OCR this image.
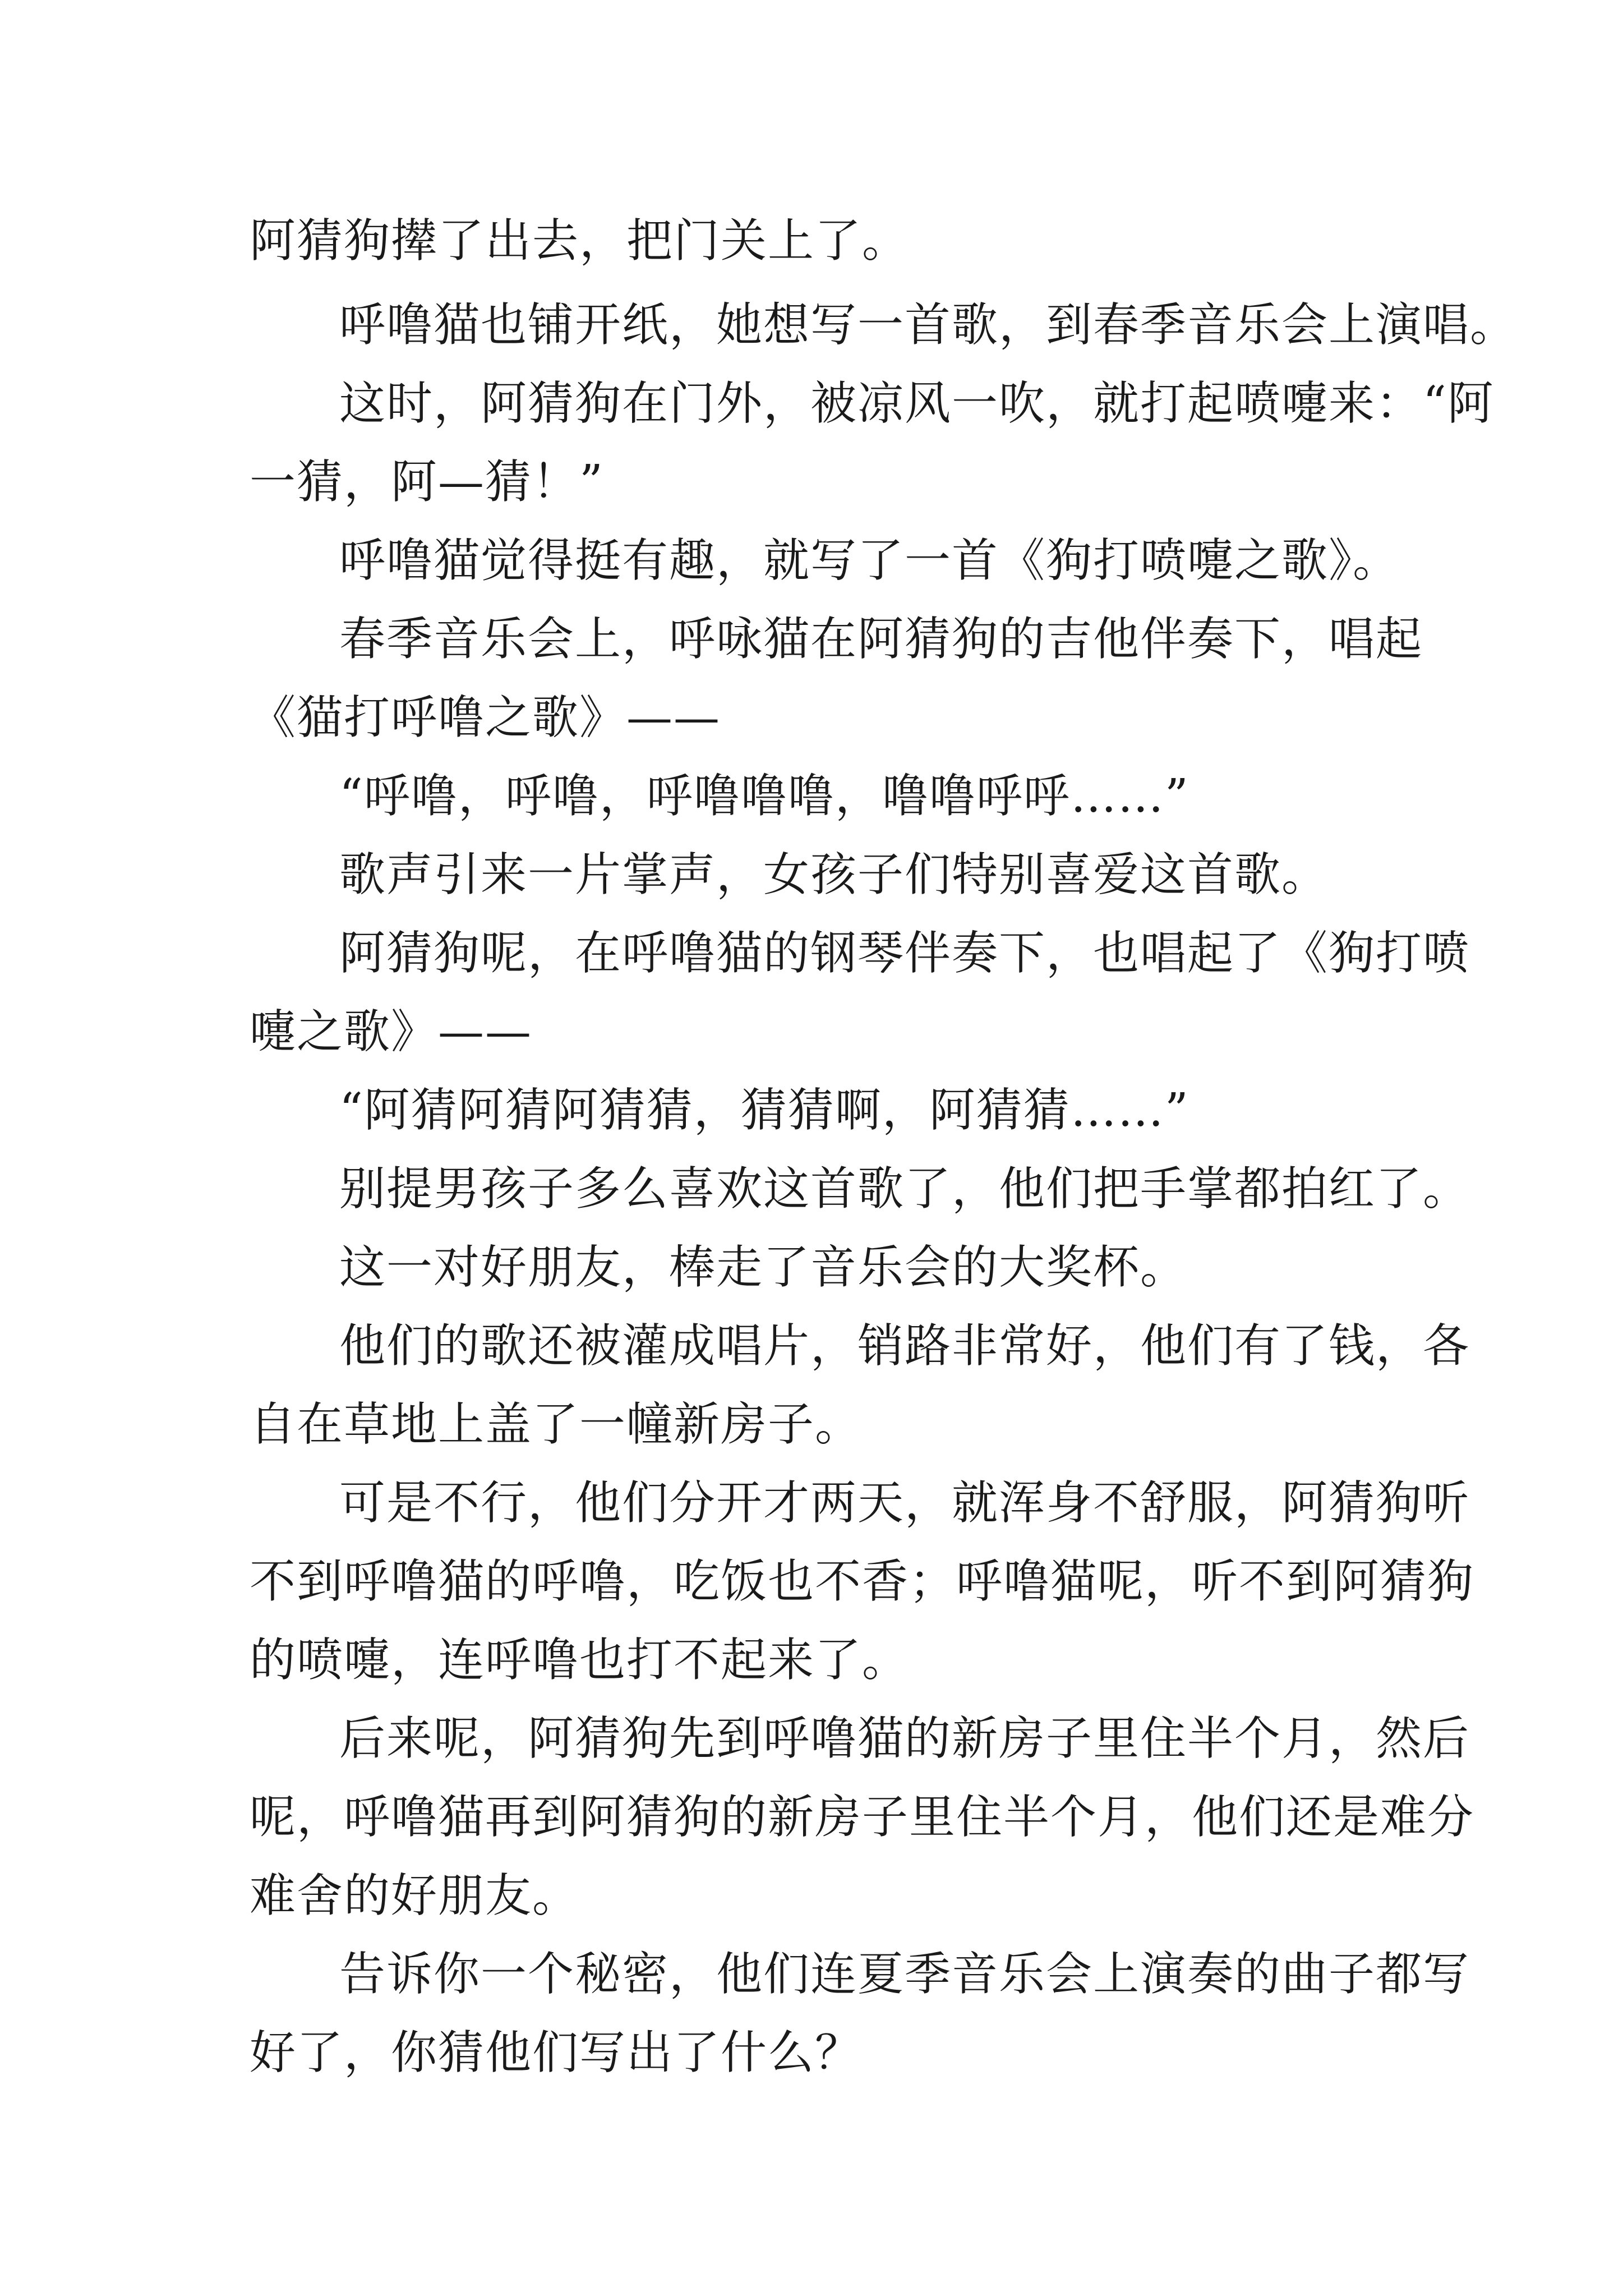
阿猜狗撵了出去，把门关上了。
呼噜猫也铺开纸，她想写一首歌，到春季音乐会上演唱。
这时，阿猜狗在门外，被凉风一吹，就打起喷嚏来：“阿
一猜，阿—猜！”
呼噜猫觉得挺有趣，就写了一首《狗打喷嚏之歌》。
春季音乐会上，呼咏猫在阿猜狗的吉他伴奏下，唱起
《猫打呼噜之歌》——
“呼噜，呼噜，呼噜噜噜，噜噜呼呼……”
歌声引来一片掌声，女孩子们特别喜爱这首歌。
阿猜狗呢，在呼噜猫的钢琴伴奏下，也唱起了《狗打喷
嚏之歌》——
“阿猜阿猜阿猜猜，猜猜啊，阿猜猜……”
别提男孩子多么喜欢这首歌了，他们把手掌都拍红了。
这一对好朋友，棒走了音乐会的大奖杯。
他们的歌还被灌成唱片，销路非常好，他们有了钱，各
自在草地上盖了一幢新房子。
可是不行，他们分开才两天，就浑身不舒服，阿猜狗听
不到呼噜猫的呼噜，吃饭也不香；呼噜猫呢，听不到阿猜狗
的喷嚏，连呼噜也打不起来了。
后来呢，阿猜狗先到呼噜猫的新房子里住半个月，然后
呢，呼噜猫再到阿猜狗的新房子里住半个月，他们还是难分
难舍的好朋友。
告诉你一个秘密，他们连夏季音乐会上演奏的曲子都写
好了，你猜他们写出了什么？
